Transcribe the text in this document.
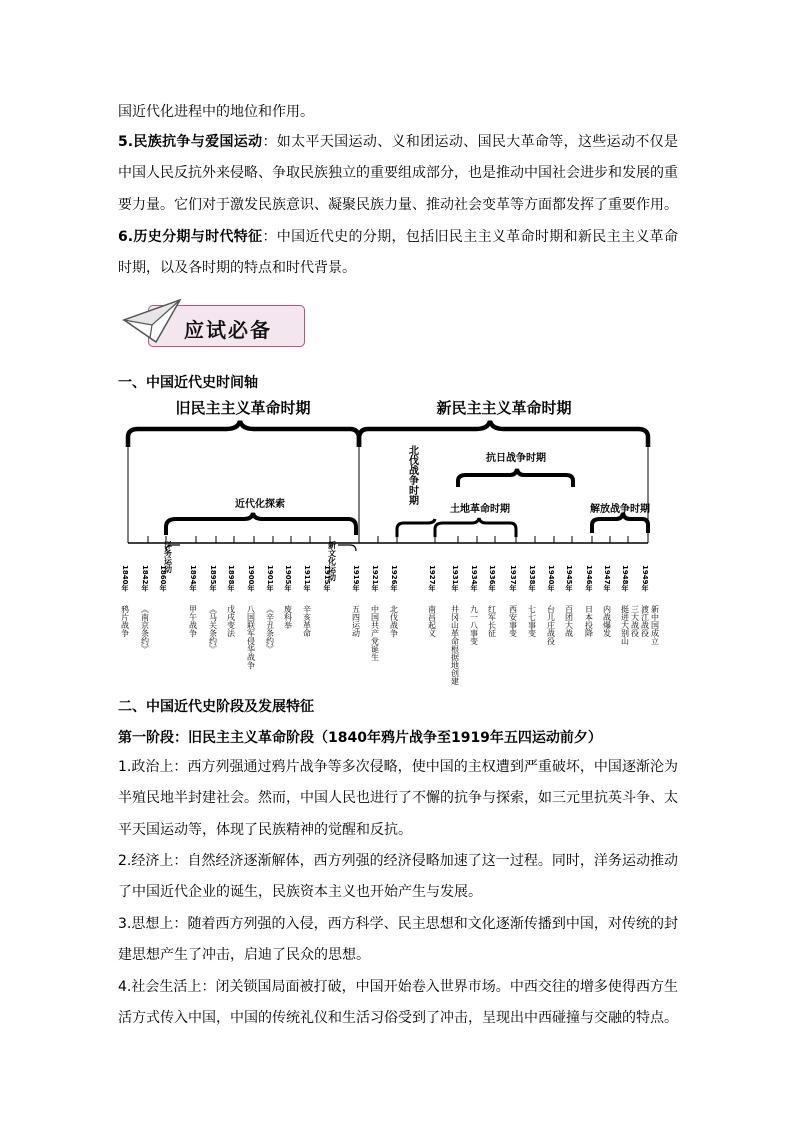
国近代化进程中的地位和作用。
5.民族抗争与爱国运动：如太平天国运动、义和团运动、国民大革命等，这些运动不仅是中国人民反抗外来侵略、争取民族独立的重要组成部分，也是推动中国社会进步和发展的重要力量。它们对于激发民族意识、凝聚民族力量、推动社会变革等方面都发挥了重要作用。
6.历史分期与时代特征：中国近代史的分期，包括旧民主主义革命时期和新民主主义革命时期，以及各时期的特点和时代背景。
应试必备
一、中国近代史时间轴
旧民主主义革命时期	新民主主义革命时期
近代化探索	土地革命时期
抗日战争时期
解放战争时期
1840年 1842年 1860年
洋务运动
1894年 1895年 1898年 1900年 1901年 1905年 1911年 1915年
新文化运动 1919年 1921年 1926年	1927年 1931年 1934年 1936年 1937年 1938年 1940年 1945年 1946年 1947年 1948年 1949年
北伐战争时期
鸦片战争 《南京条约》	甲午战争 《马关条约》 戊戌变法 八国联军侵华战争 《辛丑条约》 废科举 辛亥革命	五四运动 中国共产党诞生 北伐战争	南昌起义 井冈山革命根据地创建 九一八事变 红军长征 西安事变 七七事变 台儿庄战役 百团大战 日本投降 内战爆发 挺进大别山 三大战役 渡江战役 新中国成立
二、中国近代史阶段及发展特征
第一阶段：旧民主主义革命阶段（1840年鸦片战争至1919年五四运动前夕）
1.政治上：西方列强通过鸦片战争等多次侵略，使中国的主权遭到严重破坏，中国逐渐沦为半殖民地半封建社会。然而，中国人民也进行了不懈的抗争与探索，如三元里抗英斗争、太平天国运动等，体现了民族精神的觉醒和反抗。
2.经济上：自然经济逐渐解体，西方列强的经济侵略加速了这一过程。同时，洋务运动推动了中国近代企业的诞生，民族资本主义也开始产生与发展。
3.思想上：随着西方列强的入侵，西方科学、民主思想和文化逐渐传播到中国，对传统的封建思想产生了冲击，启迪了民众的思想。
4.社会生活上：闭关锁国局面被打破，中国开始卷入世界市场。中西交往的增多使得西方生活方式传入中国，中国的传统礼仪和生活习俗受到了冲击，呈现出中西碰撞与交融的特点。
